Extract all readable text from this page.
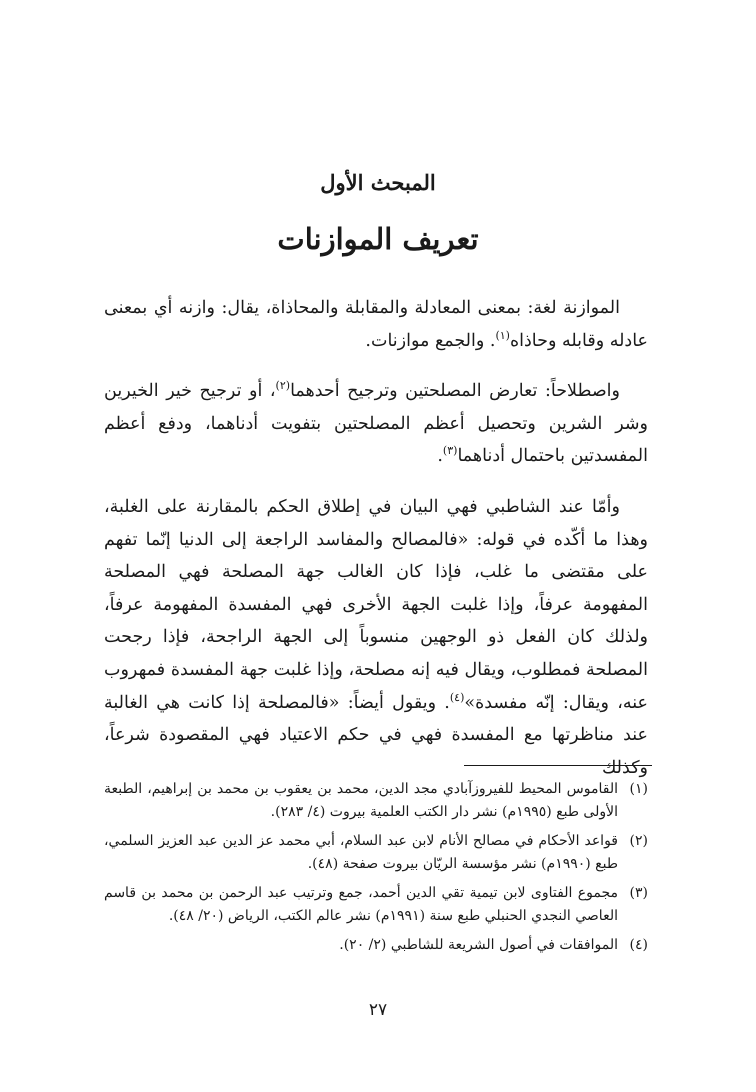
المبحث الأول
تعريف الموازنات

الموازنة لغة: بمعنى المعادلة والمقابلة والمحاذاة، يقال: وازنه أي بمعنى عادله وقابله وحاذاه$^{(١)}$. والجمع موازنات.

واصطلاحاً: تعارض المصلحتين وترجيح أحدهما$^{(٢)}$، أو ترجيح خير الخيرين وشر الشرين وتحصيل أعظم المصلحتين بتفويت أدناهما، ودفع أعظم المفسدتين باحتمال أدناهما$^{(٣)}$.

وأمّا عند الشاطبي فهي البيان في إطلاق الحكم بالمقارنة على الغلبة، وهذا ما أكّده في قوله: «فالمصالح والمفاسد الراجعة إلى الدنيا إنّما تفهم على مقتضى ما غلب، فإذا كان الغالب جهة المصلحة فهي المصلحة المفهومة عرفاً، وإذا غلبت الجهة الأخرى فهي المفسدة المفهومة عرفاً، ولذلك كان الفعل ذو الوجهين منسوباً إلى الجهة الراجحة، فإذا رجحت المصلحة فمطلوب، ويقال فيه إنه مصلحة، وإذا غلبت جهة المفسدة فمهروب عنه، ويقال: إنّه مفسدة»$^{(٤)}$. ويقول أيضاً: «فالمصلحة إذا كانت هي الغالبة عند مناظرتها مع المفسدة فهي في حكم الاعتياد فهي المقصودة شرعاً، وكذلك

(١)
القاموس المحيط للفيروزآبادي مجد الدين، محمد بن يعقوب بن محمد بن إبراهيم، الطبعة الأولى طبع (١٩٩٥م) نشر دار الكتب العلمية بيروت (٤/ ٢٨٣).
(٢)
قواعد الأحكام في مصالح الأنام لابن عبد السلام، أبي محمد عز الدين عبد العزيز السلمي، طبع (١٩٩٠م) نشر مؤسسة الريّان بيروت صفحة (٤٨).
(٣)
مجموع الفتاوى لابن تيمية تقي الدين أحمد، جمع وترتيب عبد الرحمن بن محمد بن قاسم العاصي النجدي الحنبلي طبع سنة (١٩٩١م) نشر عالم الكتب، الرياض (٢٠/ ٤٨).
(٤)
الموافقات في أصول الشريعة للشاطبي (٢/ ٢٠).
٢٧
